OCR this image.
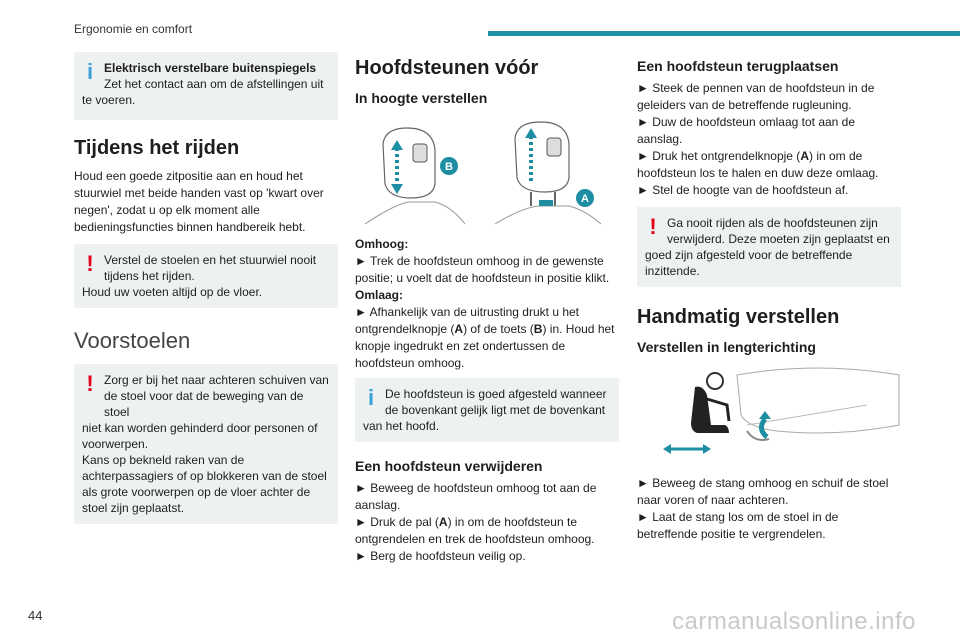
Ergonomie en comfort
i Elektrisch verstelbare buitenspiegels
Zet het contact aan om de afstellingen uit
te voeren.
Tijdens het rijden

Houd een goede zitpositie aan en houd het stuurwiel met beide handen vast op 'kwart over negen', zodat u op elk moment alle bedieningsfuncties binnen handbereik hebt.

! Verstel de stoelen en het stuurwiel nooit
tijdens het rijden.
Houd uw voeten altijd op de vloer.
Voorstoelen
! Zorg er bij het naar achteren schuiven van
de stoel voor dat de beweging van de stoel
niet kan worden gehinderd door personen of voorwerpen.
Kans op bekneld raken van de achterpassagiers of op blokkeren van de stoel als grote voorwerpen op de vloer achter de stoel zijn geplaatst.
Hoofdsteunen vóór
In hoogte verstellen
B
A

Omhoog:

► Trek de hoofdsteun omhoog in de gewenste positie; u voelt dat de hoofdsteun in positie klikt.

Omlaag:

► Afhankelijk van de uitrusting drukt u het ontgrendelknopje (A) of de toets (B) in. Houd het knopje ingedrukt en zet ondertussen de hoofdsteun omhoog.

i De hoofdsteun is goed afgesteld wanneer
de bovenkant gelijk ligt met de bovenkant
van het hoofd.
Een hoofdsteun verwijderen

► Beweeg de hoofdsteun omhoog tot aan de aanslag.

► Druk de pal (A) in om de hoofdsteun te ontgrendelen en trek de hoofdsteun omhoog.

► Berg de hoofdsteun veilig op.

Een hoofdsteun terugplaatsen

► Steek de pennen van de hoofdsteun in de geleiders van de betreffende rugleuning.

► Duw de hoofdsteun omlaag tot aan de aanslag.

► Druk het ontgrendelknopje (A) in om de hoofdsteun los te halen en duw deze omlaag.

► Stel de hoogte van de hoofdsteun af.

! Ga nooit rijden als de hoofdsteunen zijn
verwijderd. Deze moeten zijn geplaatst en
goed zijn afgesteld voor de betreffende inzittende.
Handmatig verstellen
Verstellen in lengterichting

► Beweeg de stang omhoog en schuif de stoel naar voren of naar achteren.

► Laat de stang los om de stoel in de betreffende positie te vergrendelen.

44	carmanualsonline.info
